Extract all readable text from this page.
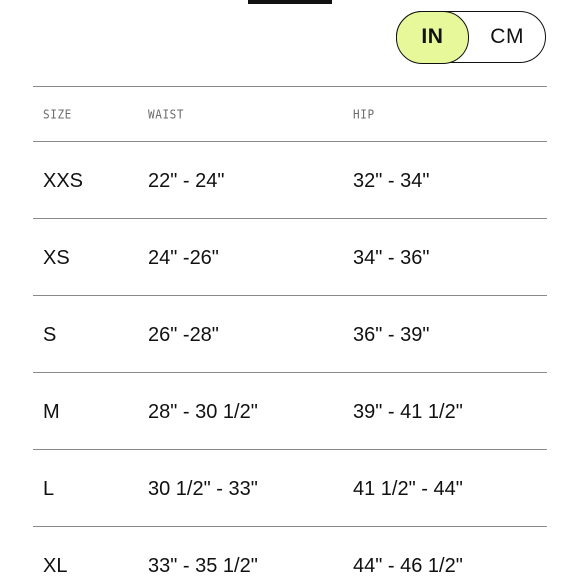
IN	CM
SIZE	WAIST	HIP
XXS	22" - 24"	32" - 34"
XS	24" -26"	34" - 36"
S	26" -28"	36" - 39"
M	28" - 30 1/2"	39" - 41 1/2"
L	30 1/2" - 33"	41 1/2" - 44"
XL	33" - 35 1/2"	44" - 46 1/2"
